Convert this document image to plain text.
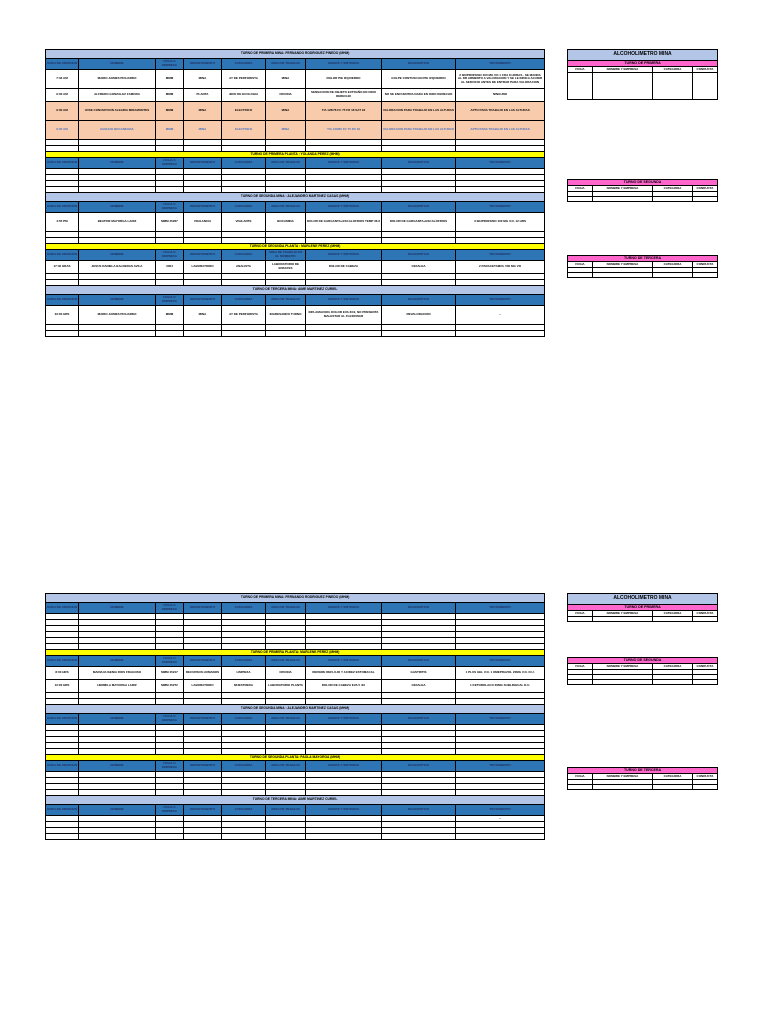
TURNO DE PRIMERA MINA: FERNANDO RODRIGUEZ PINEDO (MHM)								
HORA DE ATENCION	NOMBRE	FICHA O EMPRESA	DEPARTAMENTO	CATEGORIA	AREA DE TRABAJO	SIGNOS Y SINTOMAS	DIAGNOSTICO	TRATAMIENTO
7:33 AM	MARIO JAIMES PICHARDO	MMM	MINA	AY DE PERFORISTA	MINA	DOLOR PIE IZQUIERDO	GOLPE CONTUSO EN PIE IZQUIERDO	2 IBUPROFENO 400 MG VO 1 CDA 8 HORAS , SE MANDA AL DR ARMENTO A VALORACION Y SE LE INDICA ACUDIR AL SERVICIO ANTES DE ENTRAR PARA VALORACION
9:00 AM	ALFREDO GONZALEZ ZAMORA	MMM	PLANTA	JEFE DE ECOLOGIA	OFICINA	SENSACION DE OBJETO EXTRAÑO EN OIDO DERECHO	NO SE ENCUENTRA NADA EN OIDO DERECHO	NINGUNO
9:00 AM	JOSE CONCEPCION ALEGRIA MIRAMONTES	MMM	MINA	ELECTRICO	MINA	T/A 126/78 FC 75 FR 18 SAT 94	VALORACION PARA TRABAJO EN LAS ALTURAS	APTO PARA TRABAJO EN LAS ALTURAS
9:00 AM	IGNACIO BOCANEGRA	MMM	MINA	ELECTRICO	MINA	T/A 120/80 FC 75 FR 18	VALORACION PARA TRABAJO EN LAS ALTURAS	APTO PARA TRABAJO EN LAS ALTURAS

TURNO DE PRIMERA PLANTA : YOLANDA PEREZ (MHM)								
HORA DE ATENCION	NOMBRE	FICHA O EMPRESA	DEPARTAMENTO	CATEGORIA	AREA DE TRABAJO	SIGNOS Y SINTOMAS	DIAGNOSTICO	TRATAMIENTO

TURNO DE SEGUNDA MINA : ALEJANDRO MARTINEZ CASAS (MHM)								
HORA DE ATENCION	NOMBRE	FICHA O EMPRESA	DEPARTAMENTO	CATEGORIA	AREA DE TRABAJO	SIGNOS Y SINTOMAS	DIAGNOSTICO	TRATAMIENTO
4:55 PM	BEATRIZ MAYORGA LARIZ	MMM 45267	VIGILANCIA	VIGILANTE	BOCAMINA	DOLOR DE GARGANTA+ESCALOFRIOS TEMP 36.6	DOLOR DE GARGANTA+ESCALOFRIOS	3 IBUPROFENO 400 MG V.O. 12 HRS

TURNO DE SEGUNDA PLANTA : MARLENE PEREZ (MHM)								
HORA DE ATENCION	NOMBRE	FICHA O EMPRESA	DEPARTAMENTO	CATEGORIA	AREA DE TRABAJO EN EL MOMENTO	SIGNOS Y SINTOMAS	DIAGNOSTICO	TRATAMIENTO
17:40 HRAS	JESUS DANIELA BALDERAS AVILA	3004	LABORATORIO	ANALISTA	LABORATORIO DE ENSAYES	DOLOR DE CABEZA	CEFALEA	2 PARACETAMOL 500 MG VO

TURNO DE TERCERA MINA: AIME MARTINEZ CURIEL								
HORA DE ATENCION	NOMBRE	FICHA O EMPRESA	DEPARTAMENTO	CATEGORIA	AREA DE TRABAJO	SIGNOS Y SINTOMAS	DIAGNOSTICO	TRATAMIENTO
23:00 HRS	MARIO JAIMES PICHARDO	MMM	MINA	AY DE PERFORISTA	INGRESANDO TURNO	INFLAMACION, DOLOR EVA 3/10, NO PRESENTA MALESTAR AL FLEXIONAR	REVALORACION	--

ALCOHOLIMETRO MINA			
TURNO DE PRIMERA			
FICHA	NOMBRE Y EMPRESA	CATEGORIA	CONDUCTA

TURNO DE SEGUNDA			
FICHA	NOMBRE Y EMPRESA	CATEGORIA	CONDUCTA

TURNO DE TERCERA			
FICHA	NOMBRE Y EMPRESA	CATEGORIA	CONDUCTA

TURNO DE PRIMERA MINA: FERNANDO RODRIGUEZ PINEDO (MHM)								
HORA DE ATENCION	NOMBRE	FICHA O EMPRESA	DEPARTAMENTO	CATEGORIA	AREA DE TRABAJO	SIGNOS Y SINTOMAS	DIAGNOSTICO	TRATAMIENTO

TURNO DE PRIMERA PLANTA: MARLENE PEREZ (MHM)								
HORA DE ATENCION	NOMBRE	FICHA O EMPRESA	DEPARTAMENTO	CATEGORIA	AREA DE TRABAJO	SIGNOS Y SINTOMAS	DIAGNOSTICO	TRATAMIENTO
8:00 HRS	MARIA EUGENIA RIOS FRAGOSO	MMM 45217	RECURSOS HUMANOS	LIMPIEZA	OFICINA	REFIERE REFLUJO Y ACIDEZ ESTOMACAL	GASTRITIS	1 PLUS GEL V.O. 1 OMEPRAZOL 20MG V.O. D.U.
12:00 HRS	HERMILA MAYORGA LARIZ	MMM 45272	LABORATORIO	MUESTRERA	LABORATORIO PLANTA	DOLOR DE CABEZA EVA 5 /10	CEFALEA	1 KETOROLACO 30MG SUBLINGUAL D.U.

TURNO DE SEGUNDA MINA : ALEJANDRO MARTINEZ CASAS (MHM)								
HORA DE ATENCION	NOMBRE	FICHA O EMPRESA	DEPARTAMENTO	CATEGORIA	AREA DE TRABAJO	SIGNOS Y SINTOMAS	DIAGNOSTICO	TRATAMIENTO

TURNO DE SEGUNDA PLANTA: PAOLA MAYORGA (MHM)								
HORA DE ATENCION	NOMBRE	FICHA O EMPRESA	DEPARTAMENTO	CATEGORIA	AREA DE TRABAJO	SIGNOS Y SINTOMAS	DIAGNOSTICO	TRATAMIENTO

TURNO DE TERCERA MINA: AIME MARTINEZ CURIEL								
HORA DE ATENCION	NOMBRE	FICHA O EMPRESA	DEPARTAMENTO	CATEGORIA	AREA DE TRABAJO	SIGNOS Y SINTOMAS	DIAGNOSTICO	TRATAMIENTO
								--

ALCOHOLIMETRO MINA			
TURNO DE PRIMERA			
FICHA	NOMBRE Y EMPRESA	CATEGORIA	CONDUCTA

TURNO DE SEGUNDA			
FICHA	NOMBRE Y EMPRESA	CATEGORIA	CONDUCTA

TURNO DE TERCERA			
FICHA	NOMBRE Y EMPRESA	CATEGORIA	CONDUCTA
